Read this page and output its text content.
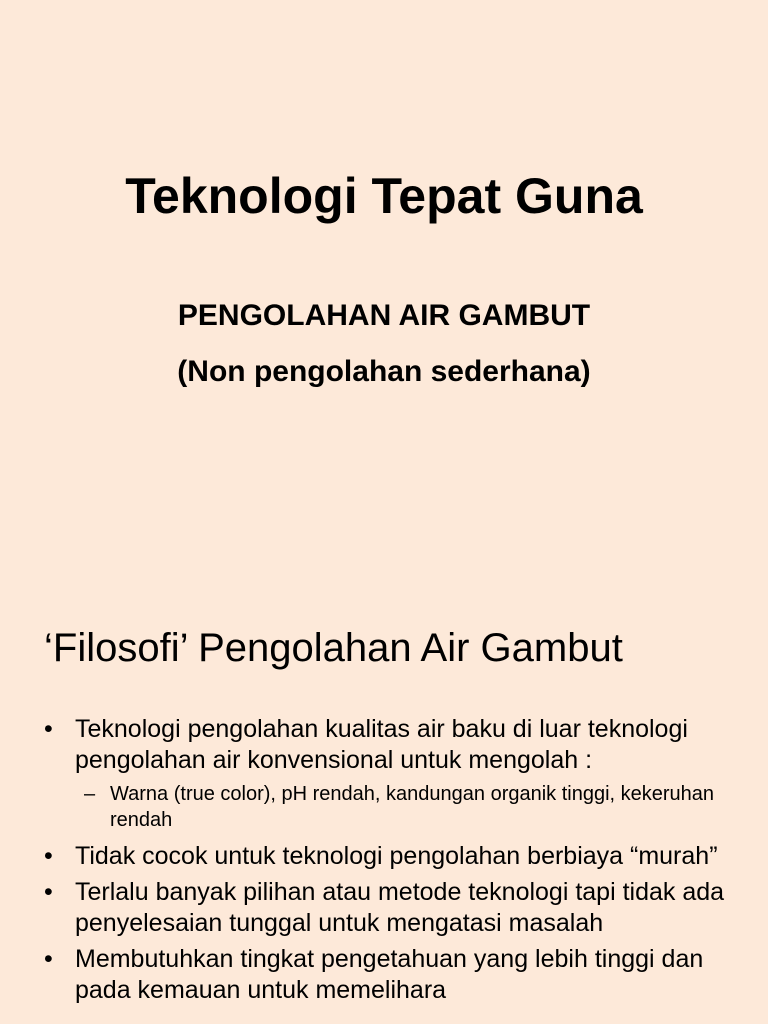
Teknologi Tepat Guna

PENGOLAHAN AIR GAMBUT

(Non pengolahan sederhana)

‘Filosofi’ Pengolahan Air Gambut
• Teknologi pengolahan kualitas air baku di luar teknologi pengolahan air konvensional untuk mengolah :
– Warna (true color), pH rendah, kandungan organik tinggi, kekeruhan rendah
• Tidak cocok untuk teknologi pengolahan berbiaya “murah”
• Terlalu banyak pilihan atau metode teknologi tapi tidak ada penyelesaian tunggal untuk mengatasi masalah
• Membutuhkan tingkat pengetahuan yang lebih tinggi dan pada kemauan untuk memelihara
